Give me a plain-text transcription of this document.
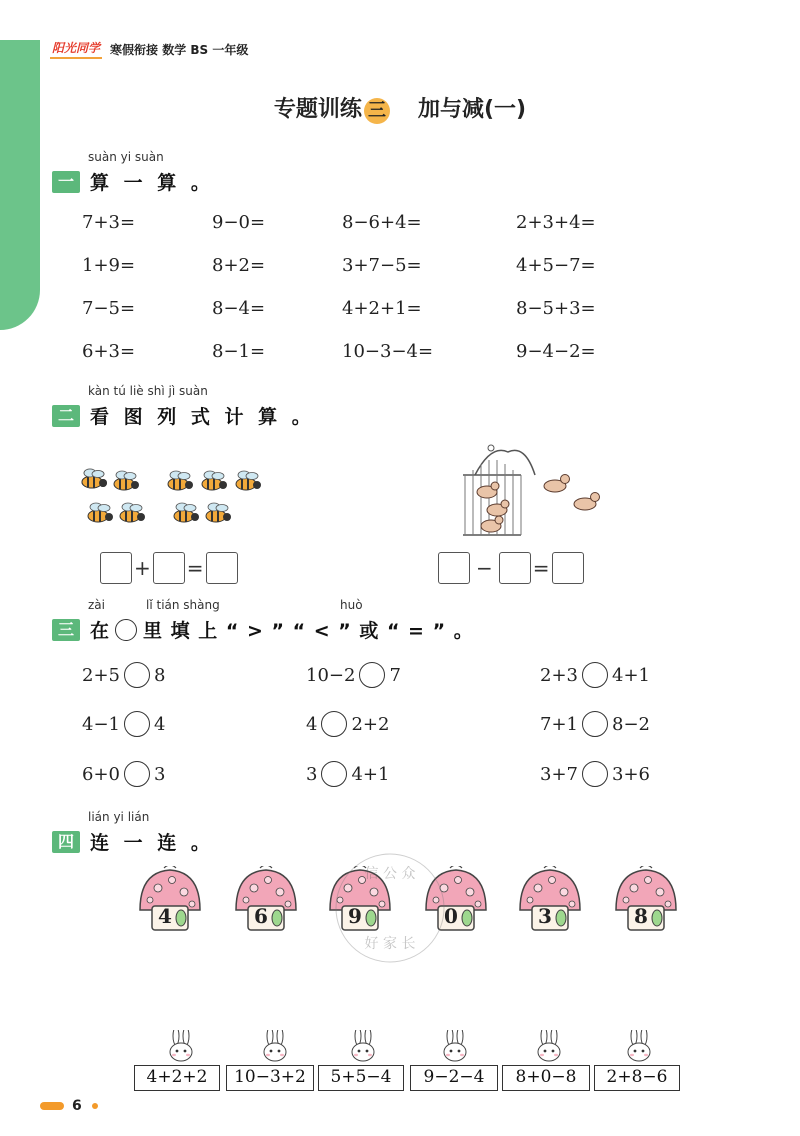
阳光同学 寒假衔接 数学 BS 一年级
专题训练 三 加与减(一)
suàn yi suàn
一 算 一 算 。
7+3=	9−0=	8−6+4=	2+3+4=
1+9=	8+2=	3+7−5=	4+5−7=
7−5=	8−4=	4+2+1=	8−5+3=
6+3=	8−1=	10−3−4=	9−4−2=
kàn tú liè shì jì suàn
二 看 图 列 式 计 算 。
+ =	− =
zài	lǐ tián shàng	huò
三 在 里 填 上 “ > ” “ < ” 或 “ = ” 。
2+5 8	10−2 7	2+3 4+1
4−1 4	4 2+2	7+1 8−2
6+0 3	3 4+1	3+7 3+6
lián yi lián
四 连 一 连 。
4	6	9	0	3	8
信 公 众
好 家 长
4+2+2	10−3+2	5+5−4	9−2−4	8+0−8	2+8−6
6
